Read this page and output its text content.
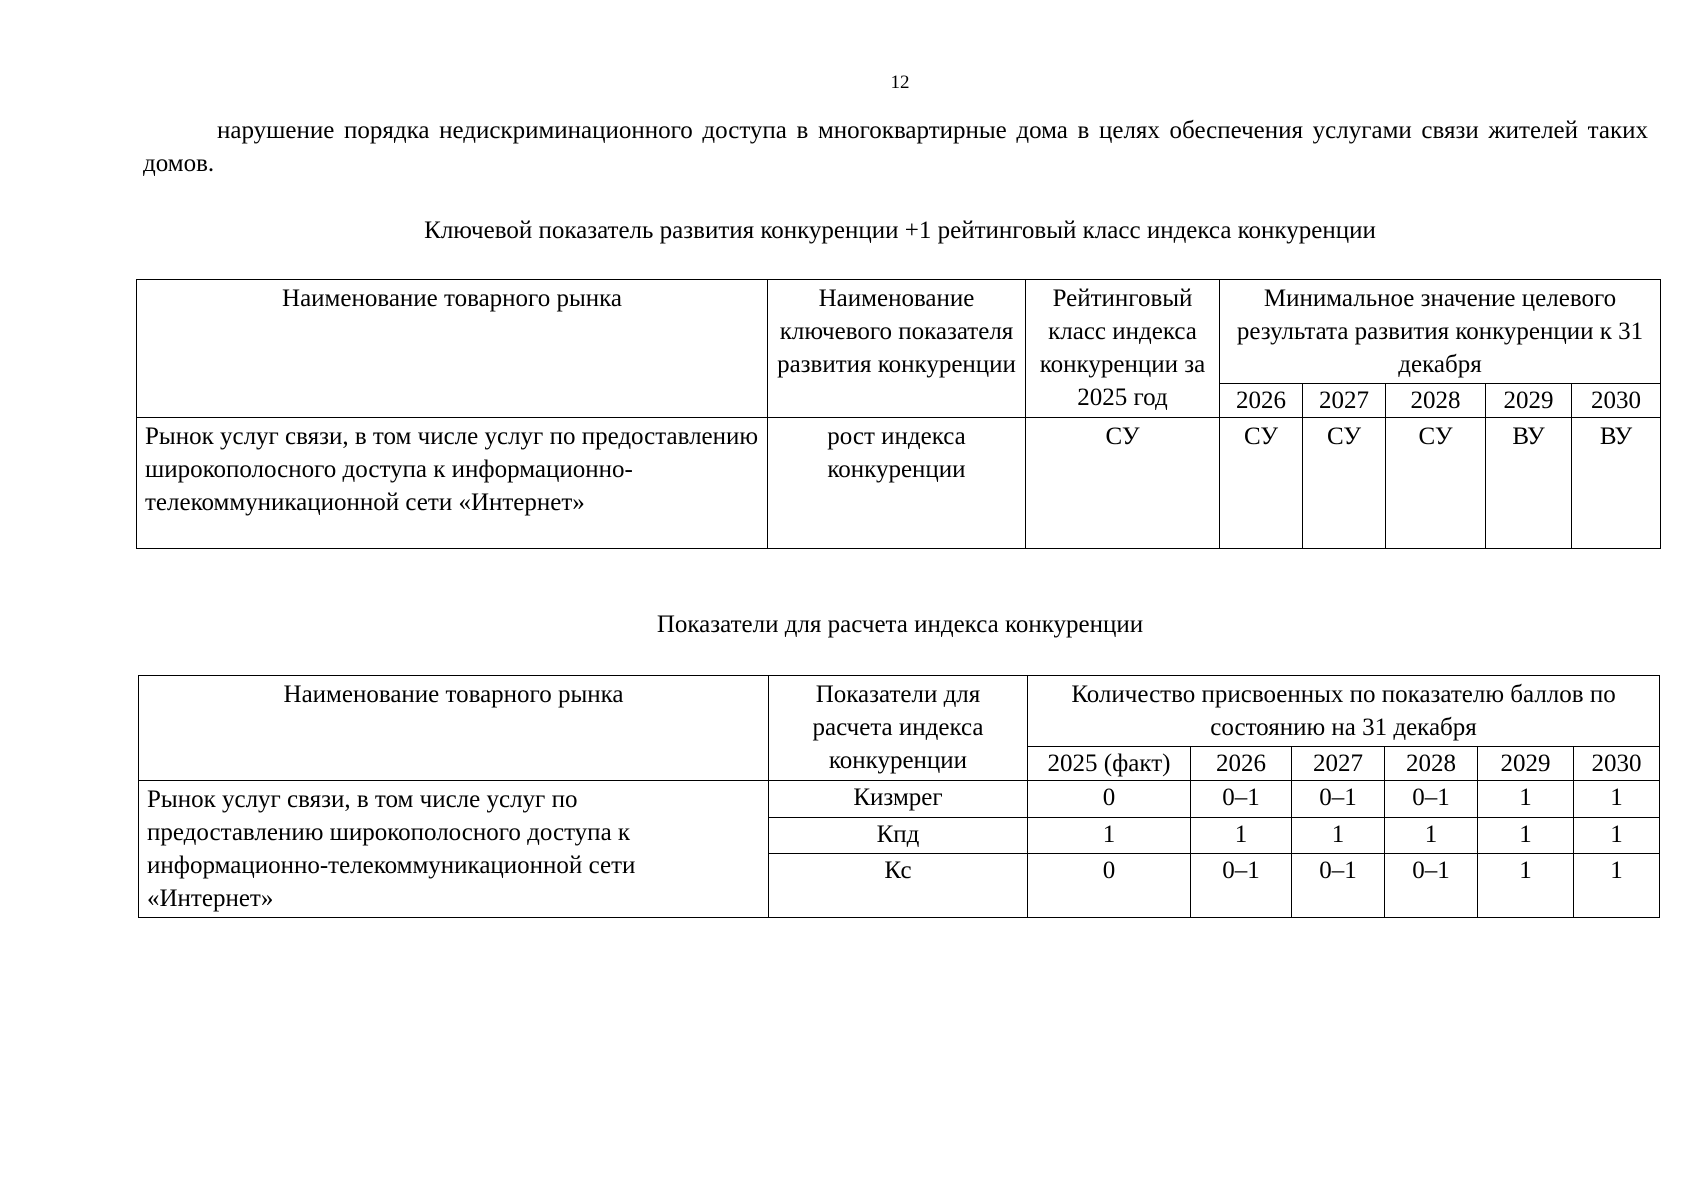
12

нарушение порядка недискриминационного доступа в многоквартирные дома в целях обеспечения услугами связи жителей таких домов.

Ключевой показатель развития конкуренции +1 рейтинговый класс индекса конкуренции
Наименование товарного рынка	Наименование ключевого показателя развития конкуренции	Рейтинговый класс индекса конкуренции за 2025 год	Минимальное значение целевого результата развития конкуренции к 31 декабря				
			2026	2027	2028	2029	2030
Рынок услуг связи, в том числе услуг по предоставлению широкополосного доступа к информационно-телекоммуникационной сети «Интернет»	рост индекса конкуренции	СУ	СУ	СУ	СУ	ВУ	ВУ
Показатели для расчета индекса конкуренции
Наименование товарного рынка	Показатели для расчета индекса конкуренции	Количество присвоенных по показателю баллов по состоянию на 31 декабря					
		2025 (факт)	2026	2027	2028	2029	2030
Рынок услуг связи, в том числе услуг по предоставлению широкополосного доступа к информационно-телекоммуникационной сети «Интернет»	Кизмрег	0	0–1	0–1	0–1	1	1
	Кпд	1	1	1	1	1	1
	Кс	0	0–1	0–1	0–1	1	1
